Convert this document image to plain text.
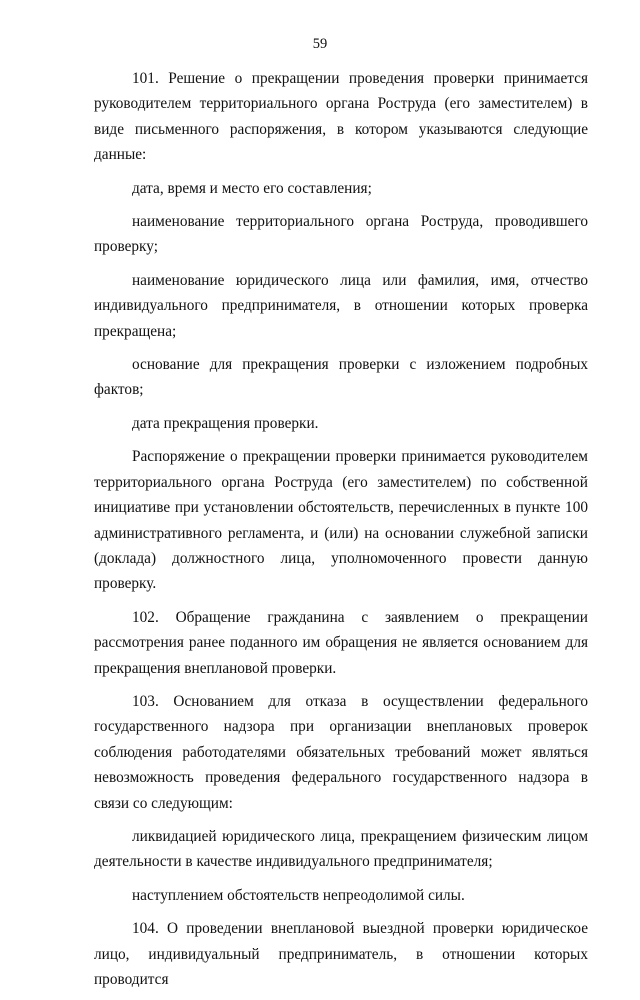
59

101. Решение о прекращении проведения проверки принимается руководителем территориального органа Роструда (его заместителем) в виде письменного распоряжения, в котором указываются следующие данные:

дата, время и место его составления;

наименование территориального органа Роструда, проводившего проверку;

наименование юридического лица или фамилия, имя, отчество индивидуального предпринимателя, в отношении которых проверка прекращена;

основание для прекращения проверки с изложением подробных фактов;

дата прекращения проверки.

Распоряжение о прекращении проверки принимается руководителем территориального органа Роструда (его заместителем) по собственной инициативе при установлении обстоятельств, перечисленных в пункте 100 административного регламента, и (или) на основании служебной записки (доклада) должностного лица, уполномоченного провести данную проверку.

102. Обращение гражданина с заявлением о прекращении рассмотрения ранее поданного им обращения не является основанием для прекращения внеплановой проверки.

103. Основанием для отказа в осуществлении федерального государственного надзора при организации внеплановых проверок соблюдения работодателями обязательных требований может являться невозможность проведения федерального государственного надзора в связи со следующим:

ликвидацией юридического лица, прекращением физическим лицом деятельности в качестве индивидуального предпринимателя;

наступлением обстоятельств непреодолимой силы.

104. О проведении внеплановой выездной проверки юридическое лицо, индивидуальный предприниматель, в отношении которых проводится
